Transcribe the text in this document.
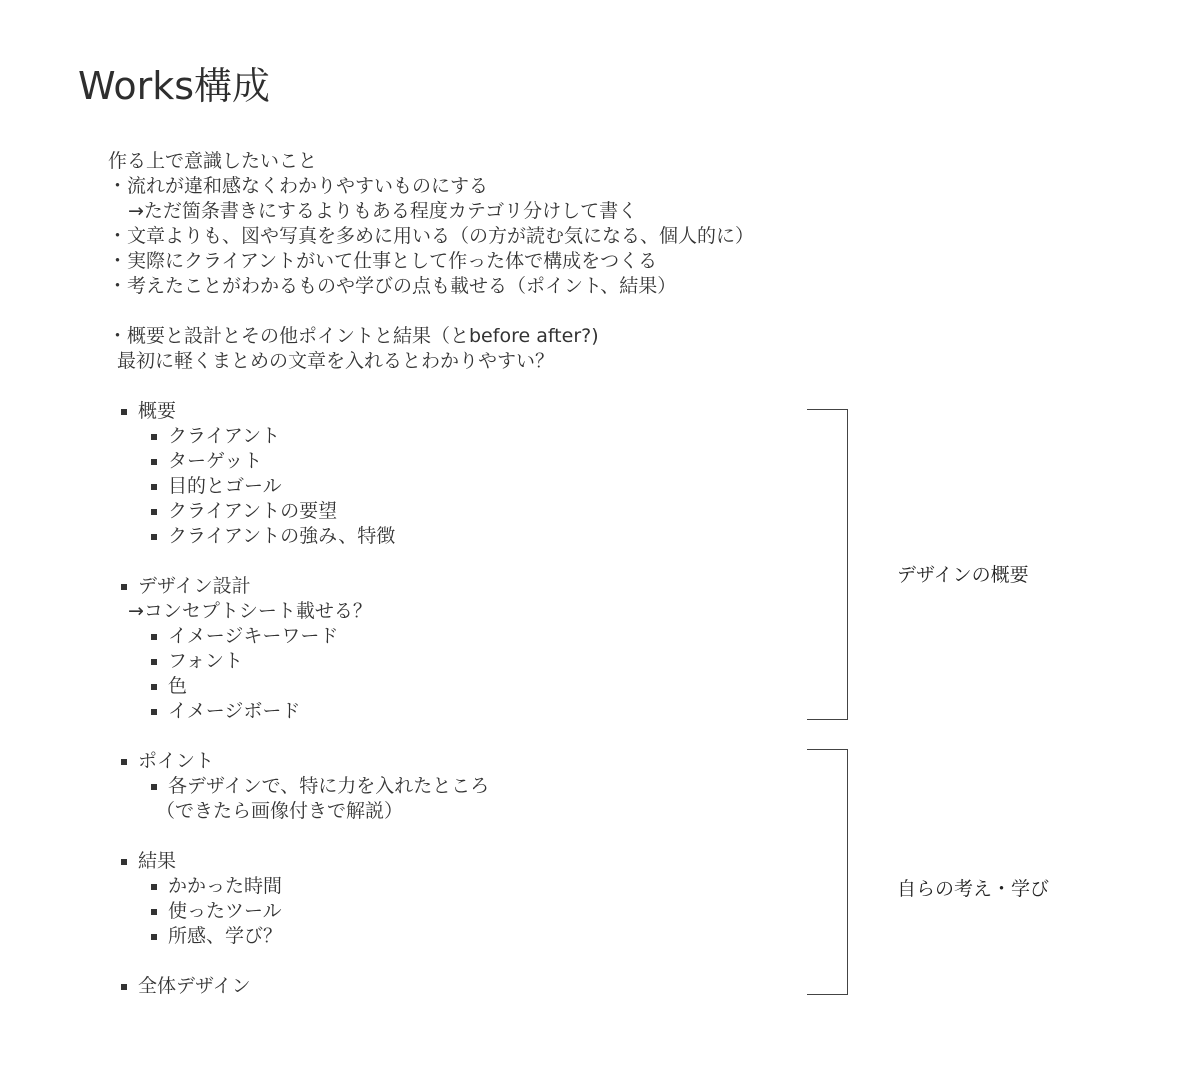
Works構成
作る上で意識したいこと
・流れが違和感なくわかりやすいものにする
→ただ箇条書きにするよりもある程度カテゴリ分けして書く
・文章よりも、図や写真を多めに用いる（の方が読む気になる、個人的に）
・実際にクライアントがいて仕事として作った体で構成をつくる
・考えたことがわかるものや学びの点も載せる（ポイント、結果）
・概要と設計とその他ポイントと結果（とbefore after?)
最初に軽くまとめの文章を入れるとわかりやすい？
概要
クライアント
ターゲット
目的とゴール
クライアントの要望
クライアントの強み、特徴
デザイン設計
→コンセプトシート載せる？
イメージキーワード
フォント
色
イメージボード
ポイント
各デザインで、特に力を入れたところ
（できたら画像付きで解説）
結果
かかった時間
使ったツール
所感、学び？
全体デザイン
デザインの概要
自らの考え・学び
